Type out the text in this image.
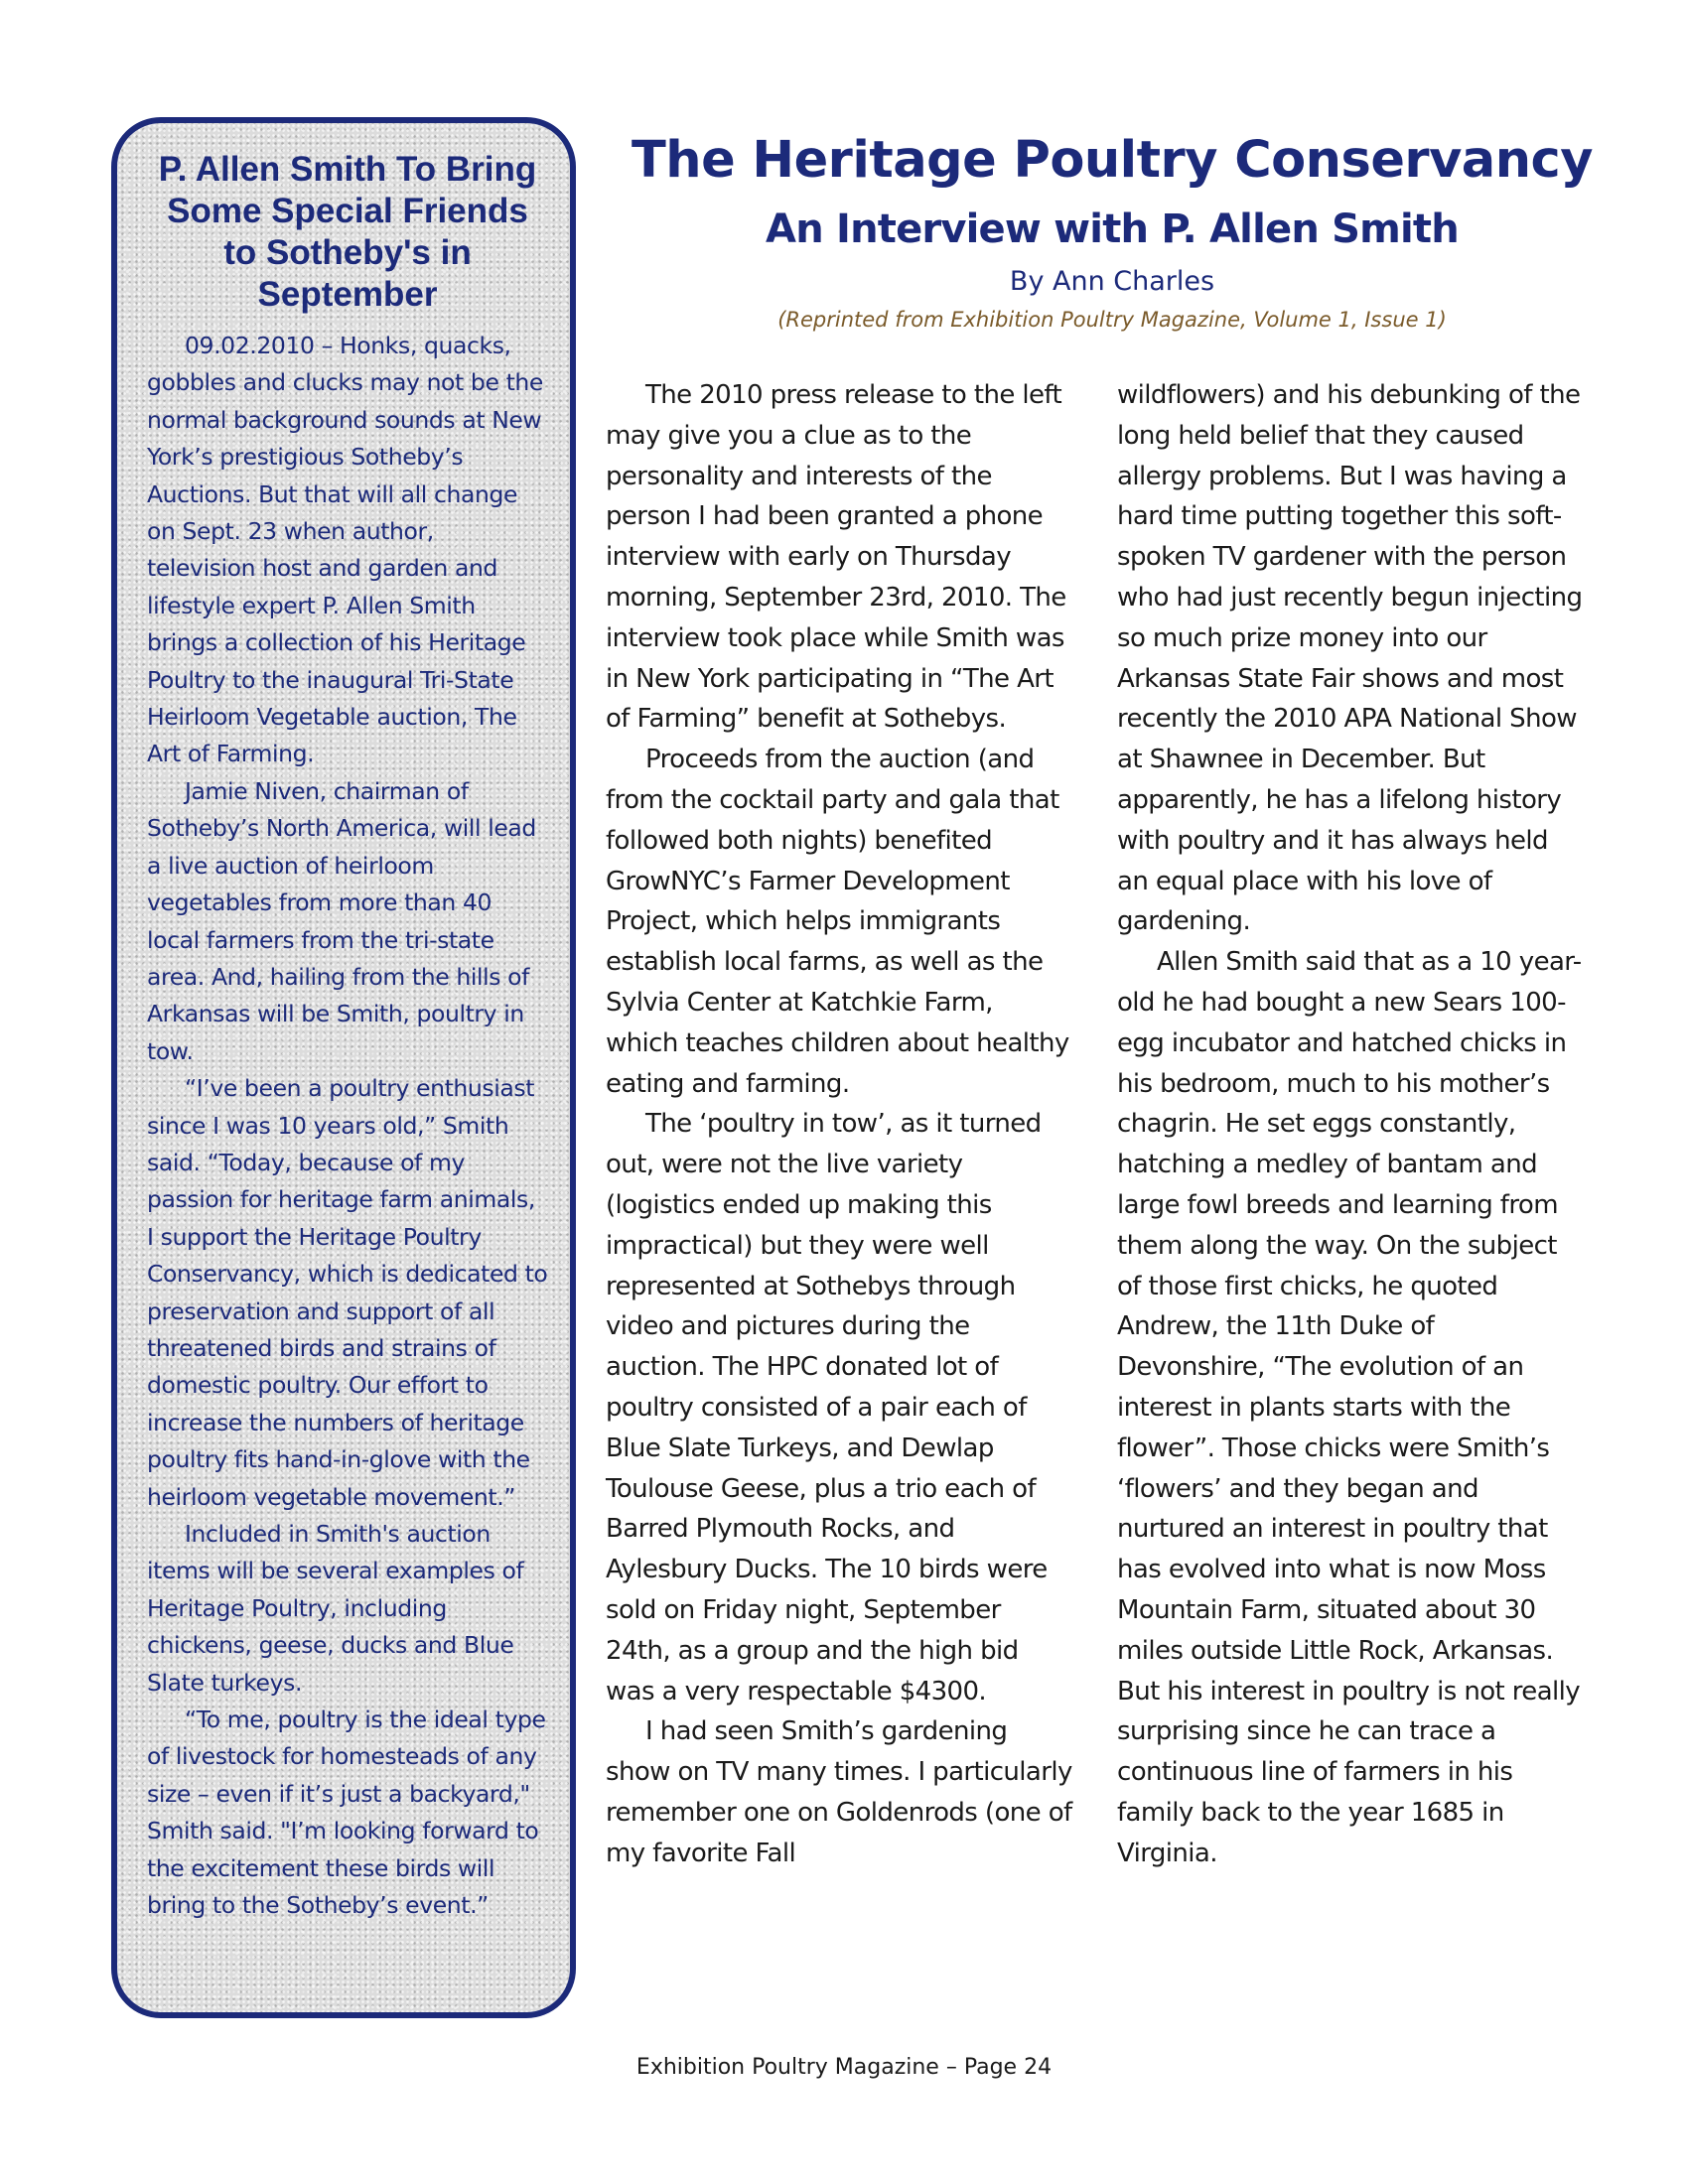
P. Allen Smith To Bring Some Special Friends to Sotheby's in September

09.02.2010 – Honks, quacks, gobbles and clucks may not be the normal background sounds at New York’s prestigious Sotheby’s Auctions. But that will all change on Sept. 23 when author, television host and garden and lifestyle expert P. Allen Smith brings a collection of his Heritage Poultry to the inaugural Tri-State Heirloom Vegetable auction, The Art of Farming.

Jamie Niven, chairman of Sotheby’s North America, will lead a live auction of heirloom vegetables from more than 40 local farmers from the tri-state area. And, hailing from the hills of Arkansas will be Smith, poultry in tow.

“I’ve been a poultry enthusiast since I was 10 years old,” Smith said. “Today, because of my passion for heritage farm animals, I support the Heritage Poultry Conservancy, which is dedicated to preservation and support of all threatened birds and strains of domestic poultry. Our effort to increase the numbers of heritage poultry fits hand-in-glove with the heirloom vegetable movement.”

Included in Smith's auction items will be several examples of Heritage Poultry, including chickens, geese, ducks and Blue Slate turkeys.

“To me, poultry is the ideal type of livestock for homesteads of any size – even if it’s just a backyard," Smith said. "I’m looking forward to the excitement these birds will bring to the Sotheby’s event.”

The Heritage Poultry Conservancy
An Interview with P. Allen Smith
By Ann Charles
(Reprinted from Exhibition Poultry Magazine, Volume 1, Issue 1)

The 2010 press release to the left may give you a clue as to the personality and interests of the person I had been granted a phone interview with early on Thursday morning, September 23rd, 2010. The interview took place while Smith was in New York participating in “The Art of Farming” benefit at Sothebys.

Proceeds from the auction (and from the cocktail party and gala that followed both nights) benefited GrowNYC’s Farmer Development Project, which helps immigrants establish local farms, as well as the Sylvia Center at Katchkie Farm, which teaches children about healthy eating and farming.

The ‘poultry in tow’, as it turned out, were not the live variety (logistics ended up making this impractical) but they were well represented at Sothebys through video and pictures during the auction. The HPC donated lot of poultry consisted of a pair each of Blue Slate Turkeys, and Dewlap Toulouse Geese, plus a trio each of Barred Plymouth Rocks, and Aylesbury Ducks. The 10 birds were sold on Friday night, September 24th, as a group and the high bid was a very respectable $4300.

I had seen Smith’s gardening show on TV many times. I particularly remember one on Goldenrods (one of my favorite Fall

wildflowers) and his debunking of the long held belief that they caused allergy problems. But I was having a hard time putting together this soft-spoken TV gardener with the person who had just recently begun injecting so much prize money into our Arkansas State Fair shows and most recently the 2010 APA National Show at Shawnee in December. But apparently, he has a lifelong history with poultry and it has always held an equal place with his love of gardening.

Allen Smith said that as a 10 year-old he had bought a new Sears 100-egg incubator and hatched chicks in his bedroom, much to his mother’s chagrin. He set eggs constantly, hatching a medley of bantam and large fowl breeds and learning from them along the way. On the subject of those first chicks, he quoted Andrew, the 11th Duke of Devonshire, “The evolution of an interest in plants starts with the flower”. Those chicks were Smith’s ‘flowers’ and they began and nurtured an interest in poultry that has evolved into what is now Moss Mountain Farm, situated about 30 miles outside Little Rock, Arkansas. But his interest in poultry is not really surprising since he can trace a continuous line of farmers in his family back to the year 1685 in Virginia.

Exhibition Poultry Magazine – Page 24
